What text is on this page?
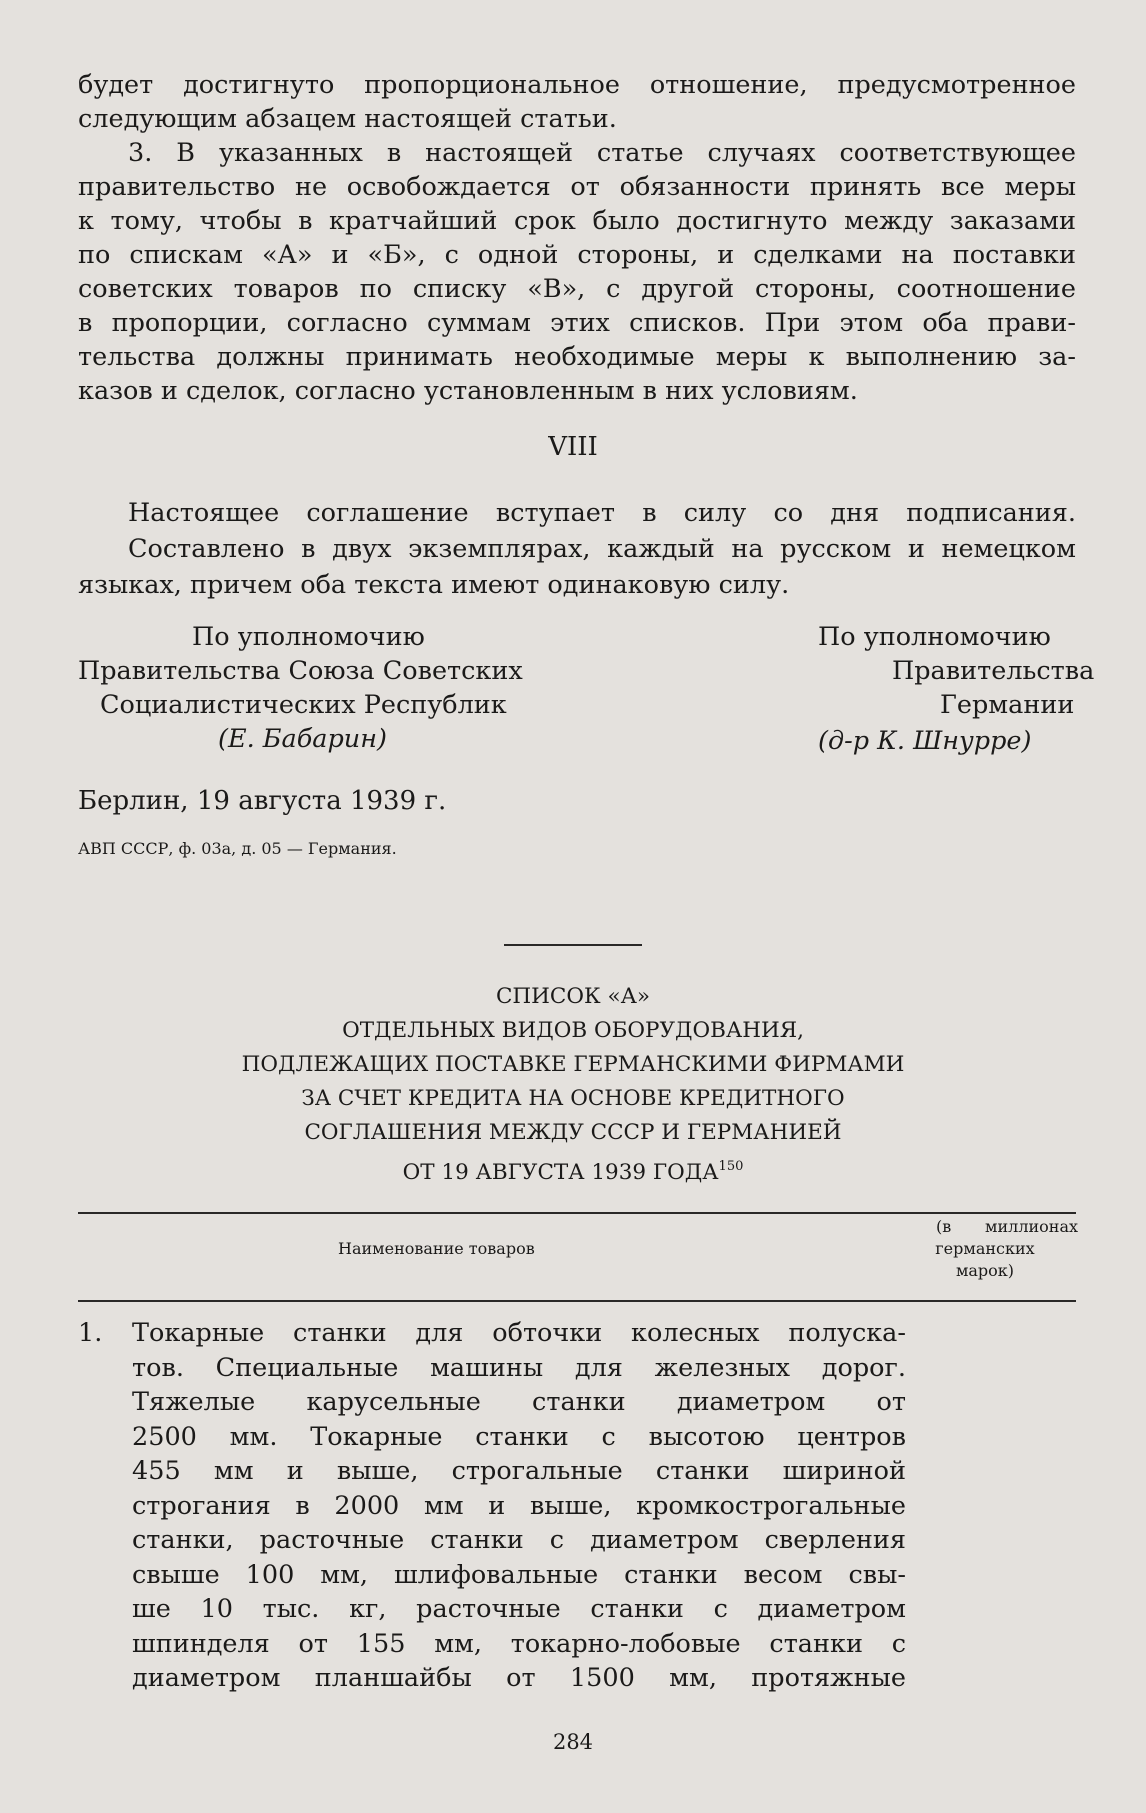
будет достигнуто пропорциональное отношение, предусмотренное
следующим абзацем настоящей статьи.
3. В указанных в настоящей статье случаях соответствующее
правительство не освобождается от обязанности принять все меры
к тому, чтобы в кратчайший срок было достигнуто между заказами
по спискам «А» и «Б», с одной стороны, и сделками на поставки
советских товаров по списку «В», с другой стороны, соотношение
в пропорции, согласно суммам этих списков. При этом оба прави-
тельства должны принимать необходимые меры к выполнению за-
казов и сделок, согласно установленным в них условиям.
VIII
Настоящее соглашение вступает в силу со дня подписания.
Составлено в двух экземплярах, каждый на русском и немецком
языках, причем оба текста имеют одинаковую силу.
По уполномочию
Правительства Союза Советских
Социалистических Республик
(Е. Бабарин)
По уполномочию
Правительства
Германии
(д-р К. Шнурре)
Берлин, 19 августа 1939 г.
АВП СССР, ф. 03а, д. 05 — Германия.
СПИСОК «А»
ОТДЕЛЬНЫХ ВИДОВ ОБОРУДОВАНИЯ,
ПОДЛЕЖАЩИХ ПОСТАВКЕ ГЕРМАНСКИМИ ФИРМАМИ
ЗА СЧЕТ КРЕДИТА НА ОСНОВЕ КРЕДИТНОГО
СОГЛАШЕНИЯ МЕЖДУ СССР И ГЕРМАНИЕЙ
ОТ 19 АВГУСТА 1939 ГОДА$^{150}$
Наименование товаров
(в миллионах
германских
марок)
1. Токарные станки для обточки колесных полуска-
тов. Специальные машины для железных дорог.
Тяжелые карусельные станки диаметром от
2500 мм. Токарные станки с высотою центров
455 мм и выше, строгальные станки шириной
строгания в 2000 мм и выше, кромкострогальные
станки, расточные станки с диаметром сверления
свыше 100 мм, шлифовальные станки весом свы-
ше 10 тыс. кг, расточные станки с диаметром
шпинделя от 155 мм, токарно-лобовые станки с
диаметром планшайбы от 1500 мм, протяжные
284
